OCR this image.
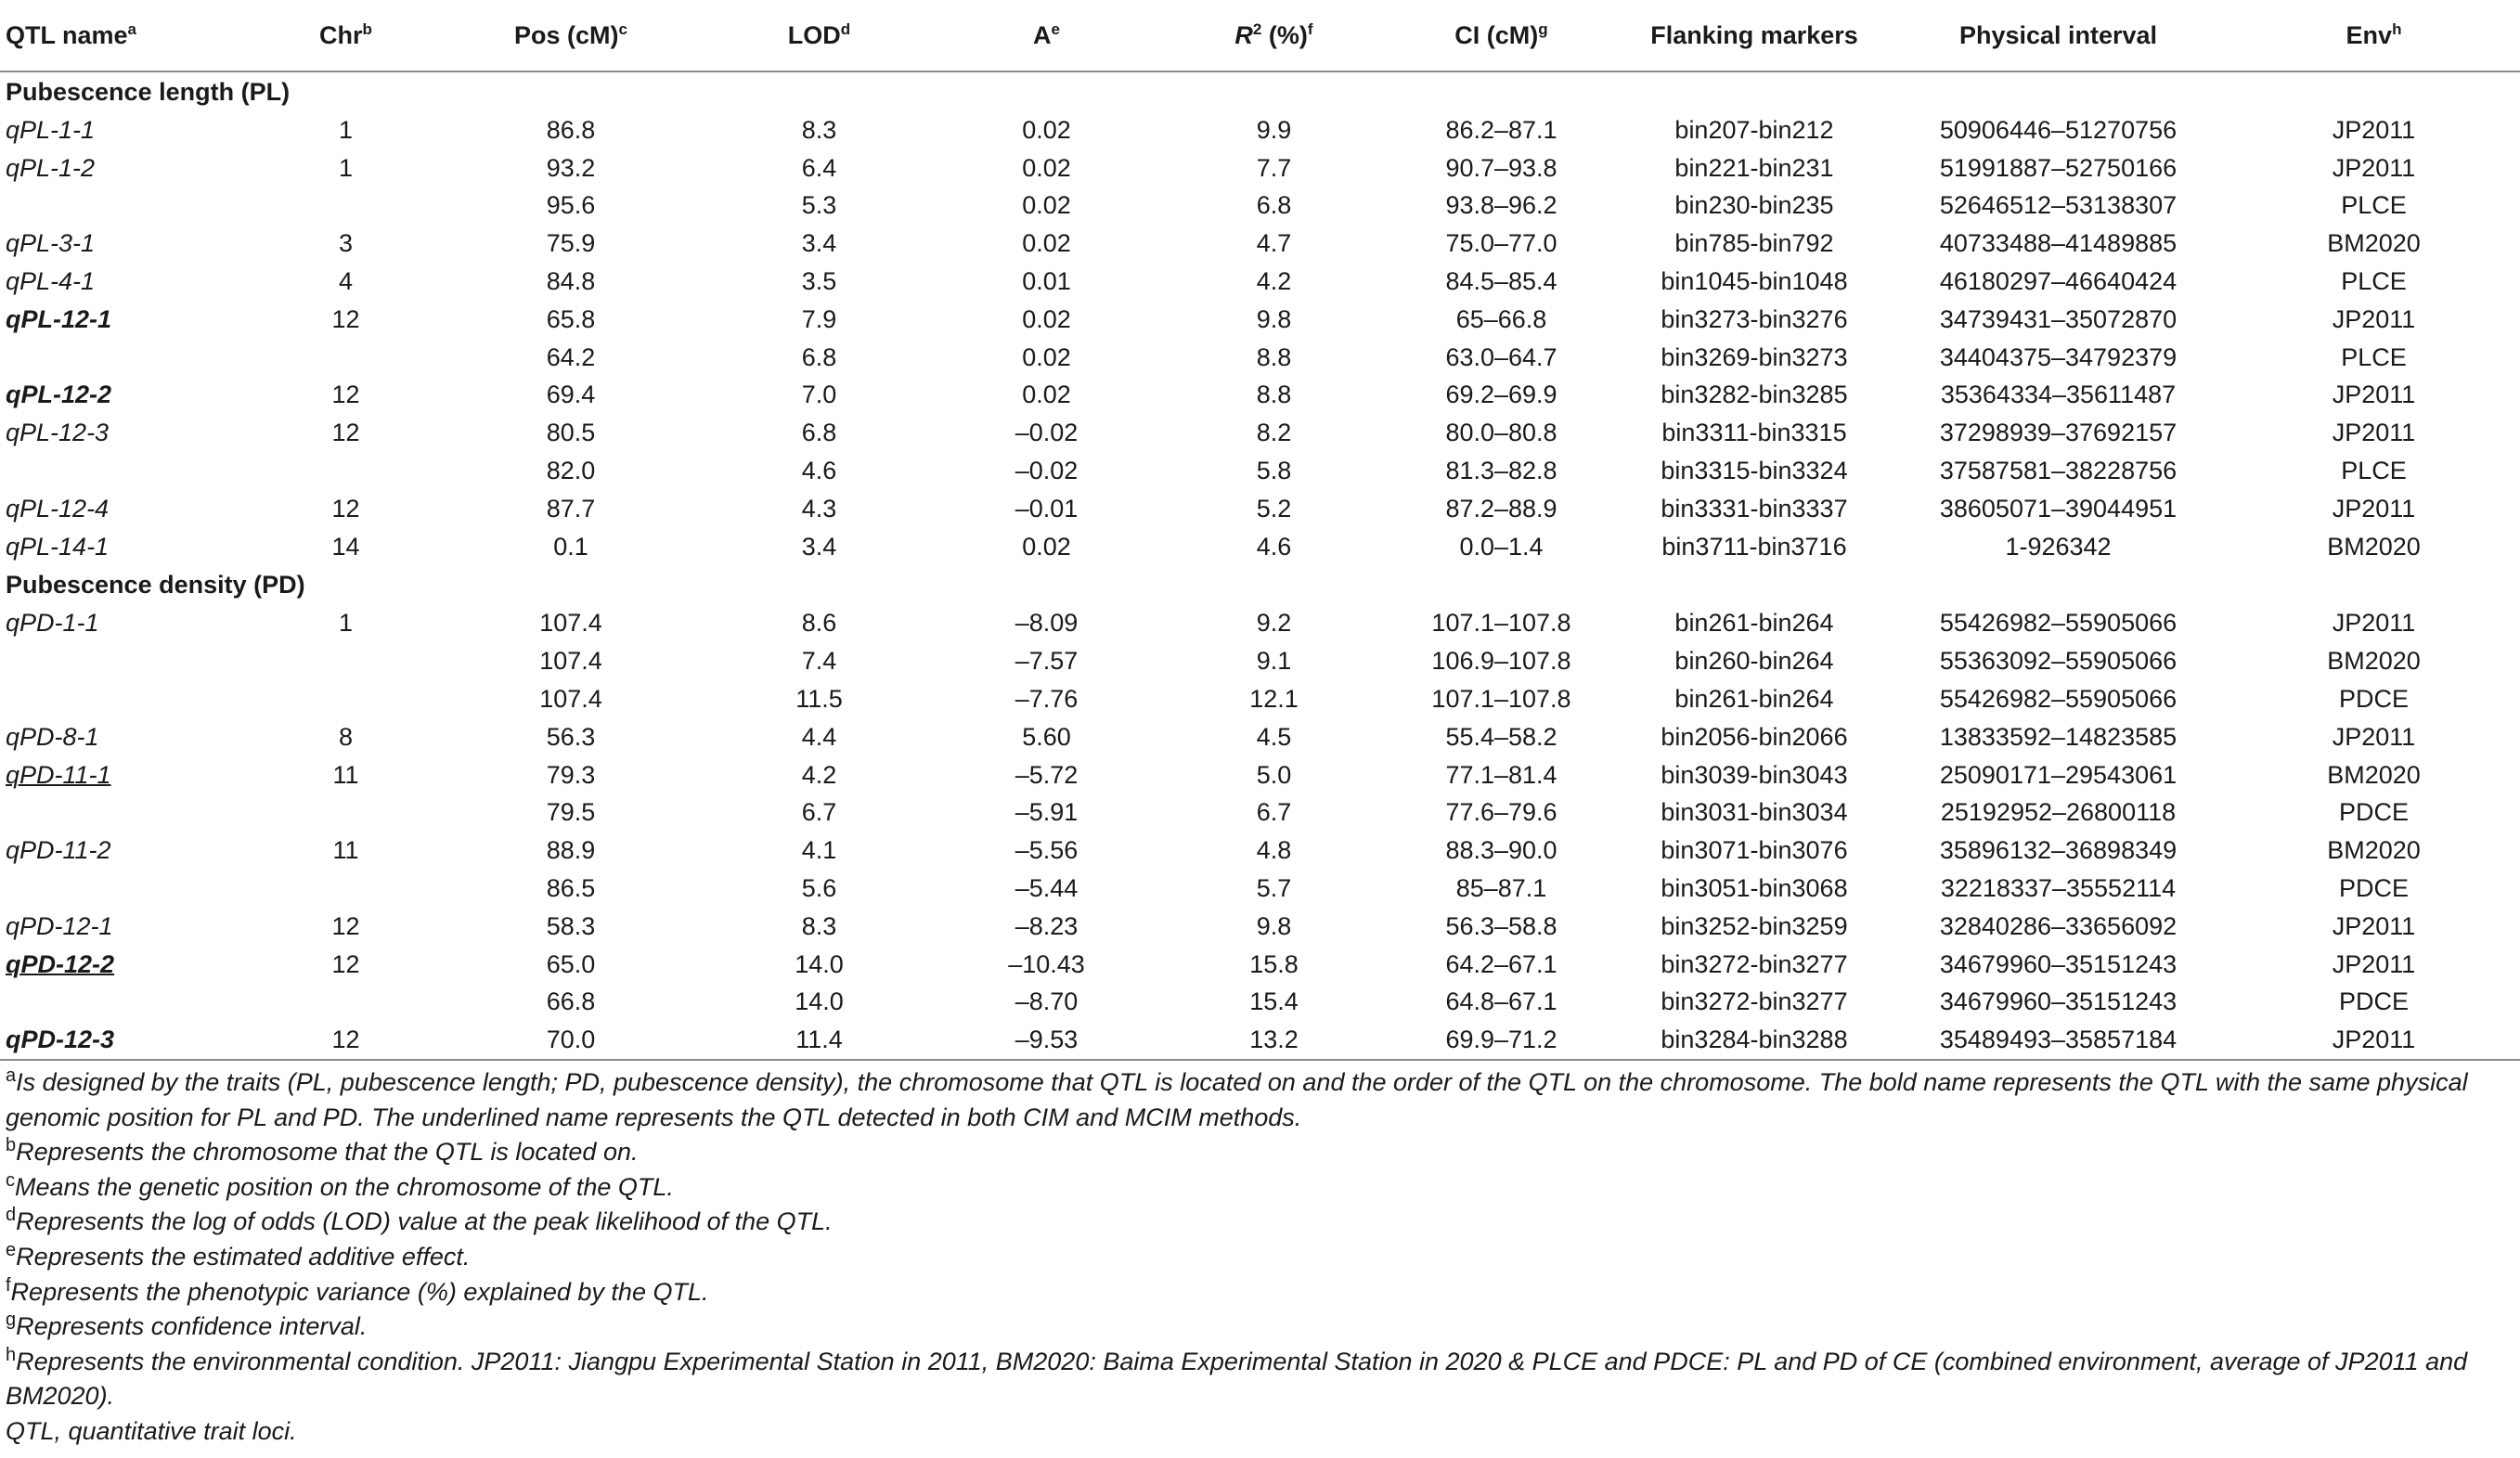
QTL name$^a$	Chr$^b$	Pos (cM)$^c$	LOD$^d$	$A^e$	$R^2$ (%)$^f$	CI (cM)$^g$	Flanking markers	Physical interval	Env$^h$
Pubescence length (PL)									
qPL-1-1	1	86.8	8.3	0.02	9.9	86.2–87.1	bin207-bin212	50906446–51270756	JP2011
qPL-1-2	1	93.2	6.4	0.02	7.7	90.7–93.8	bin221-bin231	51991887–52750166	JP2011
		95.6	5.3	0.02	6.8	93.8–96.2	bin230-bin235	52646512–53138307	PLCE
qPL-3-1	3	75.9	3.4	0.02	4.7	75.0–77.0	bin785-bin792	40733488–41489885	BM2020
qPL-4-1	4	84.8	3.5	0.01	4.2	84.5–85.4	bin1045-bin1048	46180297–46640424	PLCE
qPL-12-1	12	65.8	7.9	0.02	9.8	65–66.8	bin3273-bin3276	34739431–35072870	JP2011
		64.2	6.8	0.02	8.8	63.0–64.7	bin3269-bin3273	34404375–34792379	PLCE
qPL-12-2	12	69.4	7.0	0.02	8.8	69.2–69.9	bin3282-bin3285	35364334–35611487	JP2011
qPL-12-3	12	80.5	6.8	–0.02	8.2	80.0–80.8	bin3311-bin3315	37298939–37692157	JP2011
		82.0	4.6	–0.02	5.8	81.3–82.8	bin3315-bin3324	37587581–38228756	PLCE
qPL-12-4	12	87.7	4.3	–0.01	5.2	87.2–88.9	bin3331-bin3337	38605071–39044951	JP2011
qPL-14-1	14	0.1	3.4	0.02	4.6	0.0–1.4	bin3711-bin3716	1-926342	BM2020
Pubescence density (PD)									
qPD-1-1	1	107.4	8.6	–8.09	9.2	107.1–107.8	bin261-bin264	55426982–55905066	JP2011
		107.4	7.4	–7.57	9.1	106.9–107.8	bin260-bin264	55363092–55905066	BM2020
		107.4	11.5	–7.76	12.1	107.1–107.8	bin261-bin264	55426982–55905066	PDCE
qPD-8-1	8	56.3	4.4	5.60	4.5	55.4–58.2	bin2056-bin2066	13833592–14823585	JP2011
qPD-11-1	11	79.3	4.2	–5.72	5.0	77.1–81.4	bin3039-bin3043	25090171–29543061	BM2020
		79.5	6.7	–5.91	6.7	77.6–79.6	bin3031-bin3034	25192952–26800118	PDCE
qPD-11-2	11	88.9	4.1	–5.56	4.8	88.3–90.0	bin3071-bin3076	35896132–36898349	BM2020
		86.5	5.6	–5.44	5.7	85–87.1	bin3051-bin3068	32218337–35552114	PDCE
qPD-12-1	12	58.3	8.3	–8.23	9.8	56.3–58.8	bin3252-bin3259	32840286–33656092	JP2011
qPD-12-2	12	65.0	14.0	–10.43	15.8	64.2–67.1	bin3272-bin3277	34679960–35151243	JP2011
		66.8	14.0	–8.70	15.4	64.8–67.1	bin3272-bin3277	34679960–35151243	PDCE
qPD-12-3	12	70.0	11.4	–9.53	13.2	69.9–71.2	bin3284-bin3288	35489493–35857184	JP2011
$^a$Is designed by the traits (PL, pubescence length; PD, pubescence density), the chromosome that QTL is located on and the order of the QTL on the chromosome. The bold name represents the QTL with the same physical genomic position for PL and PD. The underlined name represents the QTL detected in both CIM and MCIM methods.
$^b$Represents the chromosome that the QTL is located on.
$^c$Means the genetic position on the chromosome of the QTL.
$^d$Represents the log of odds (LOD) value at the peak likelihood of the QTL.
$^e$Represents the estimated additive effect.
$^f$Represents the phenotypic variance (%) explained by the QTL.
$^g$Represents confidence interval.
$^h$Represents the environmental condition. JP2011: Jiangpu Experimental Station in 2011, BM2020: Baima Experimental Station in 2020 & PLCE and PDCE: PL and PD of CE (combined environment, average of JP2011 and BM2020).
QTL, quantitative trait loci.
